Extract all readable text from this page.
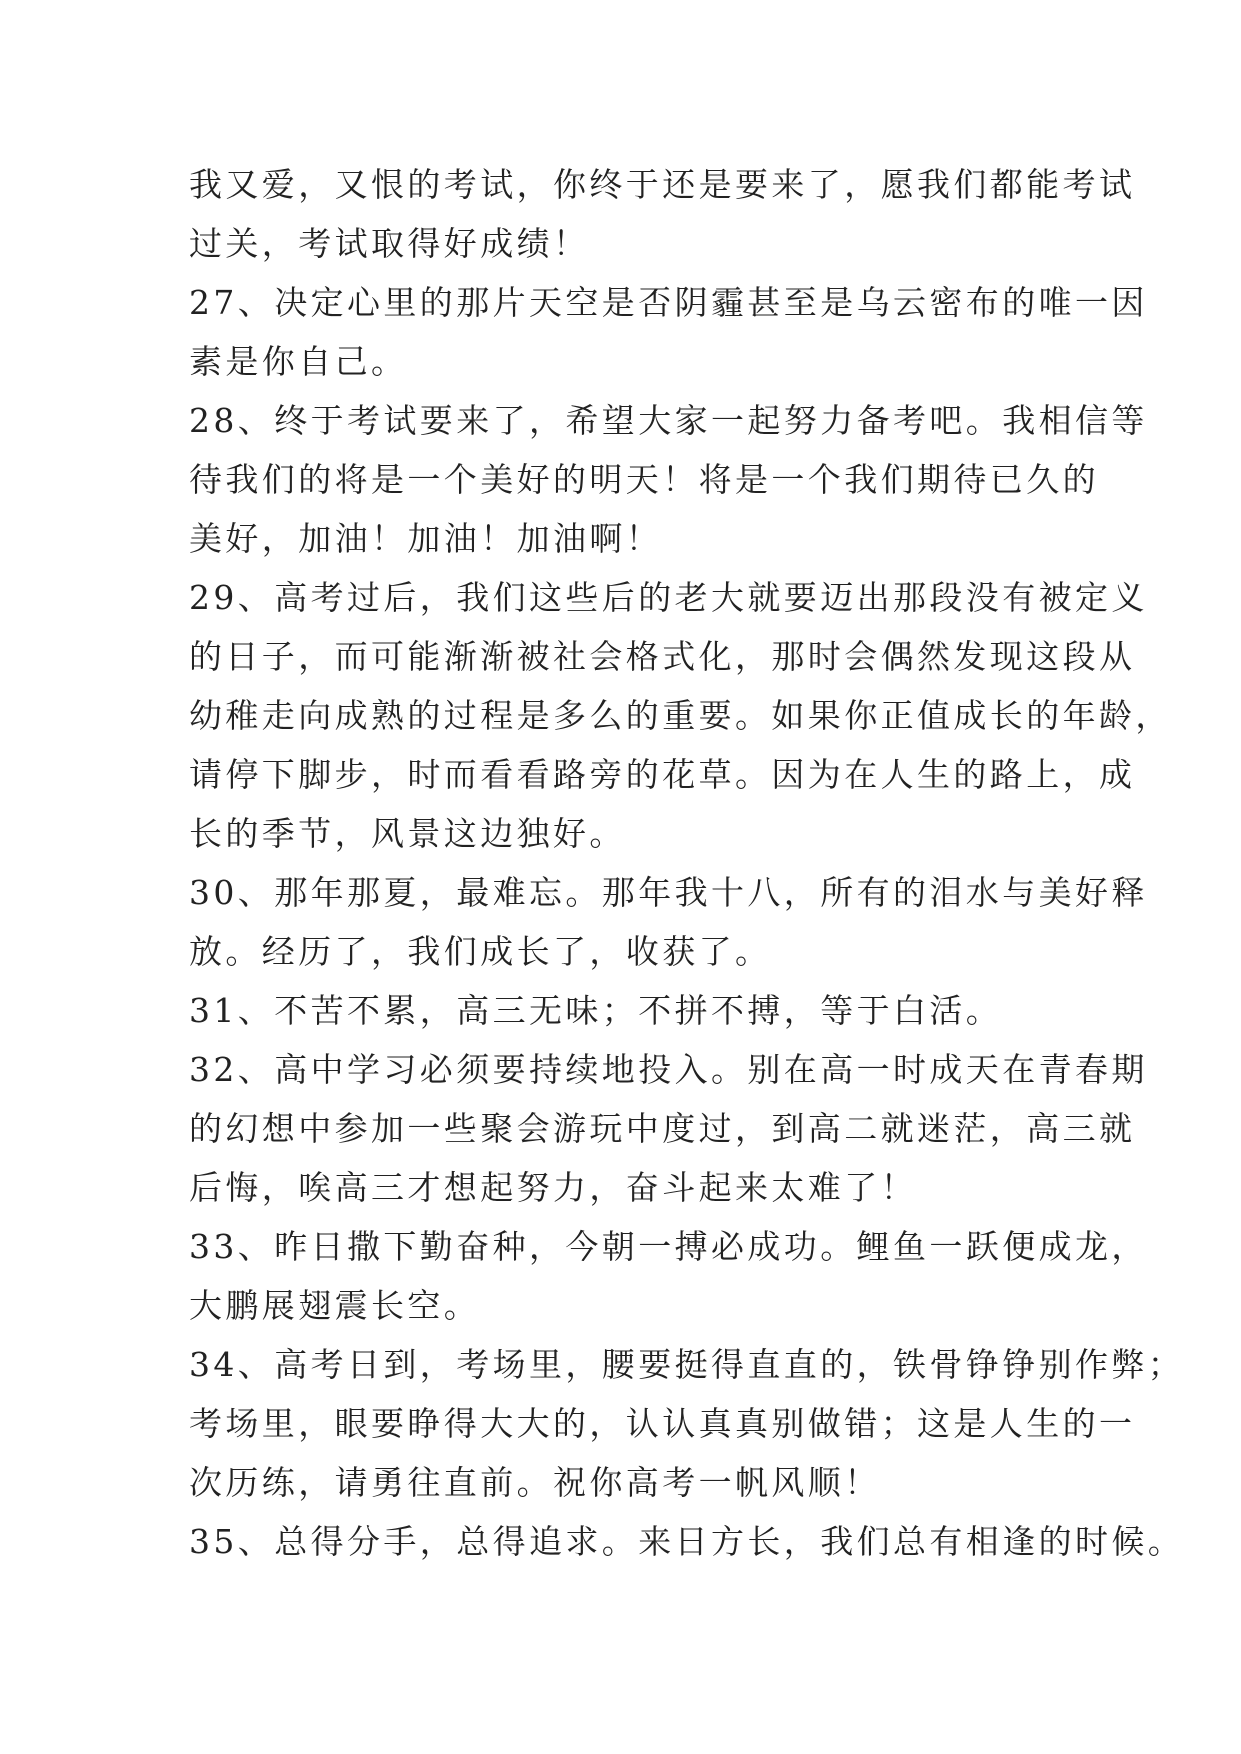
我又爱，又恨的考试，你终于还是要来了，愿我们都能考试
过关，考试取得好成绩！
27、决定心里的那片天空是否阴霾甚至是乌云密布的唯一因
素是你自己。
28、终于考试要来了，希望大家一起努力备考吧。我相信等
待我们的将是一个美好的明天！将是一个我们期待已久的
美好，加油！加油！加油啊！
29、高考过后，我们这些后的老大就要迈出那段没有被定义
的日子，而可能渐渐被社会格式化，那时会偶然发现这段从
幼稚走向成熟的过程是多么的重要。如果你正值成长的年龄，
请停下脚步，时而看看路旁的花草。因为在人生的路上，成
长的季节，风景这边独好。
30、那年那夏，最难忘。那年我十八，所有的泪水与美好释
放。经历了，我们成长了，收获了。
31、不苦不累，高三无味；不拼不搏，等于白活。
32、高中学习必须要持续地投入。别在高一时成天在青春期
的幻想中参加一些聚会游玩中度过，到高二就迷茫，高三就
后悔，唉高三才想起努力，奋斗起来太难了！
33、昨日撒下勤奋种，今朝一搏必成功。鲤鱼一跃便成龙，
大鹏展翅震长空。
34、高考日到，考场里，腰要挺得直直的，铁骨铮铮别作弊；
考场里，眼要睁得大大的，认认真真别做错；这是人生的一
次历练，请勇往直前。祝你高考一帆风顺！
35、总得分手，总得追求。来日方长，我们总有相逢的时候。
